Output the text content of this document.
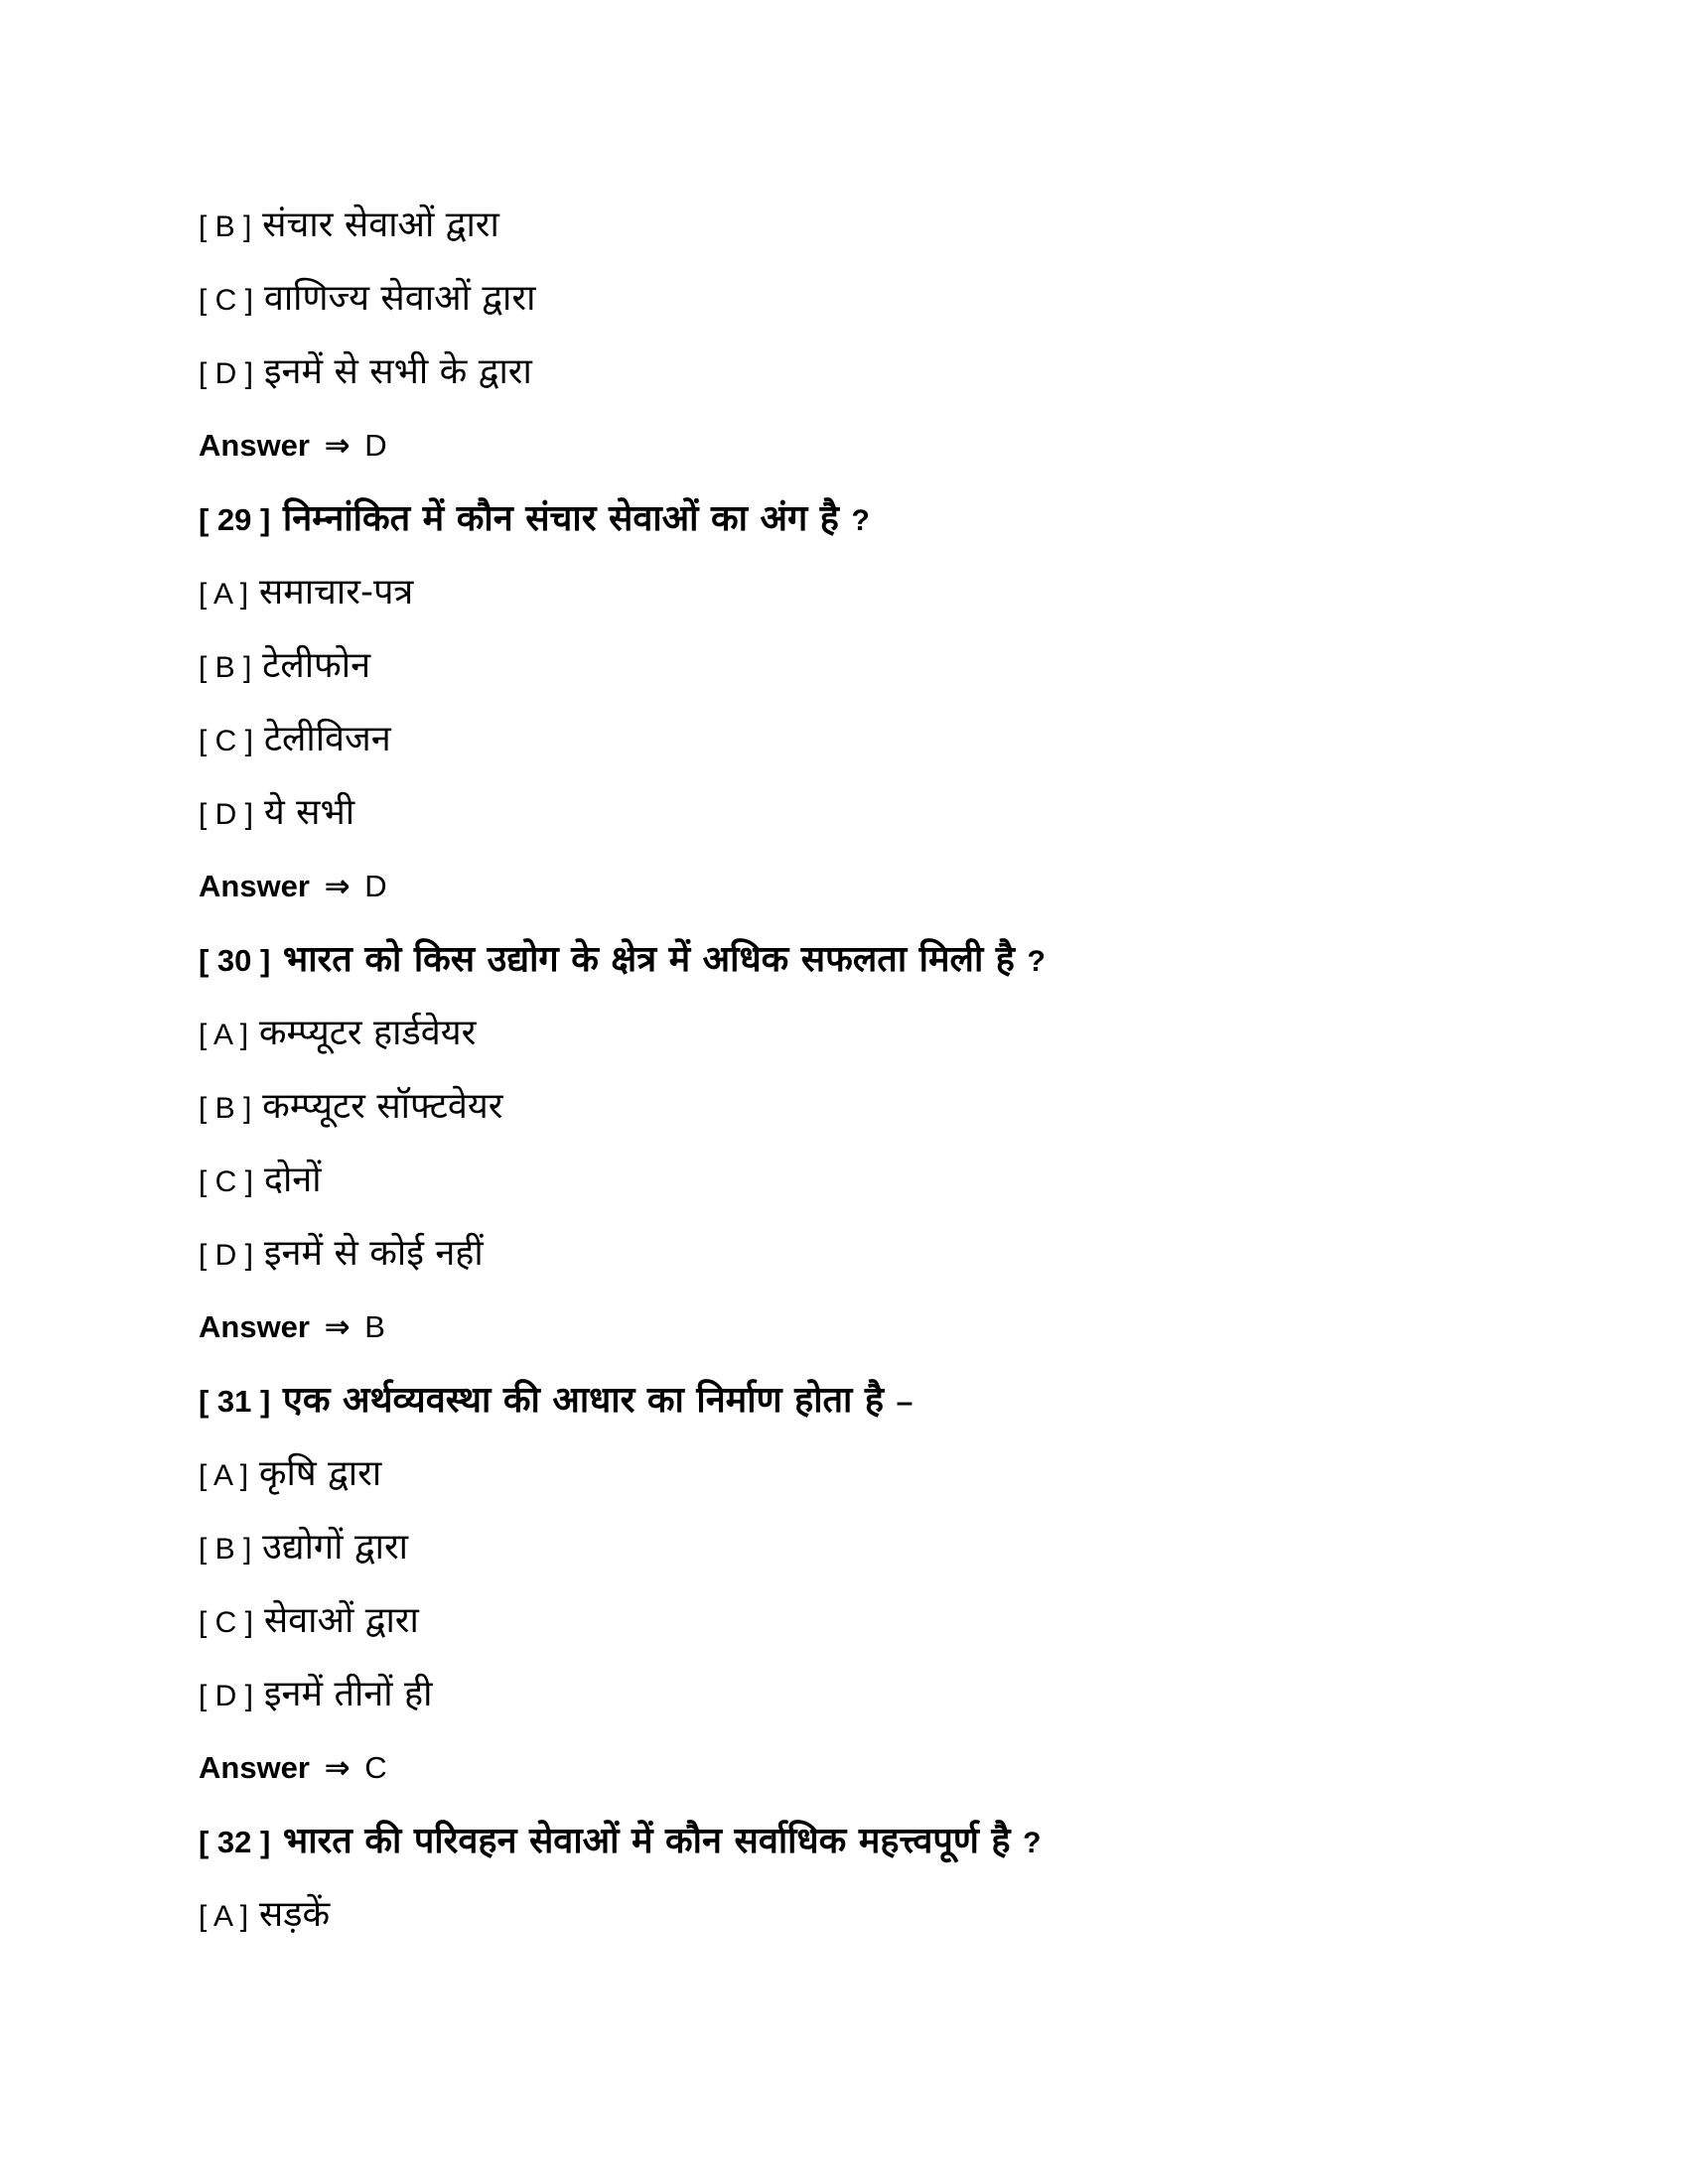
[ B ] संचार सेवाओं द्वारा
[ C ] वाणिज्य सेवाओं द्वारा
[ D ] इनमें से सभी के द्वारा
Answer ⇒ D
[ 29 ] निम्नांकित में कौन संचार सेवाओं का अंग है ?
[ A ] समाचार-पत्र
[ B ] टेलीफोन
[ C ] टेलीविजन
[ D ] ये सभी
Answer ⇒ D
[ 30 ] भारत को किस उद्योग के क्षेत्र में अधिक सफलता मिली है ?
[ A ] कम्प्यूटर हार्डवेयर
[ B ] कम्प्यूटर सॉफ्टवेयर
[ C ] दोनों
[ D ] इनमें से कोई नहीं
Answer ⇒ B
[ 31 ] एक अर्थव्यवस्था की आधार का निर्माण होता है –
[ A ] कृषि द्वारा
[ B ] उद्योगों द्वारा
[ C ] सेवाओं द्वारा
[ D ] इनमें तीनों ही
Answer ⇒ C
[ 32 ] भारत की परिवहन सेवाओं में कौन सर्वाधिक महत्त्वपूर्ण है ?
[ A ] सड़कें
